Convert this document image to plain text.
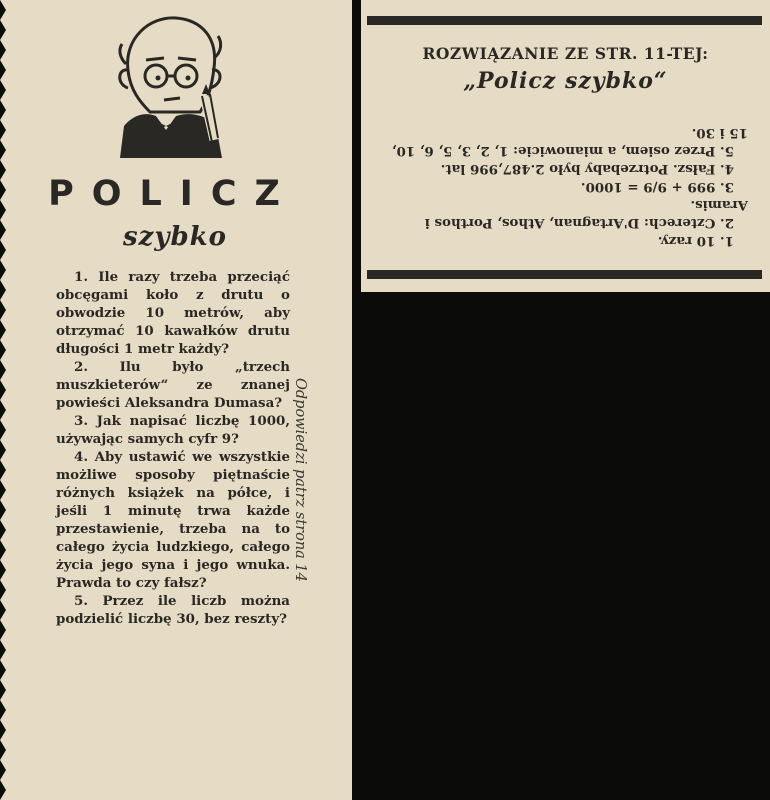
POLICZ
szybko

1. Ile razy trzeba przeciąć obcęgami koło z drutu o obwodzie 10 metrów, aby otrzymać 10 kawałków drutu długości 1 metr każdy?

2. Ilu było „trzech muszkieterów“ ze znanej powieści Aleksandra Dumasa?

3. Jak napisać liczbę 1000, używając samych cyfr 9?

4. Aby ustawić we wszystkie możliwe sposoby piętnaście różnych książek na półce, i jeśli 1 minutę trwa każde przestawienie, trzeba na to całego życia ludzkiego, całego życia jego syna i jego wnuka. Prawda to czy fałsz?

5. Przez ile liczb można podzielić liczbę 30, bez reszty?

Odpowiedzi patrz strona 14
ROZWIĄZANIE ZE STR. 11-TEJ:
„Policz szybko“

1. 10 razy.

2. Czterech: D'Artagnan, Athos, Porthos i Aramis.

3. 999 + 9/9 = 1000.

4. Fałsz. Potrzebaby było 2.487,996 lat.

5. Przez osiem, a mianowicie: 1, 2, 3, 5, 6, 10, 15 i 30.
